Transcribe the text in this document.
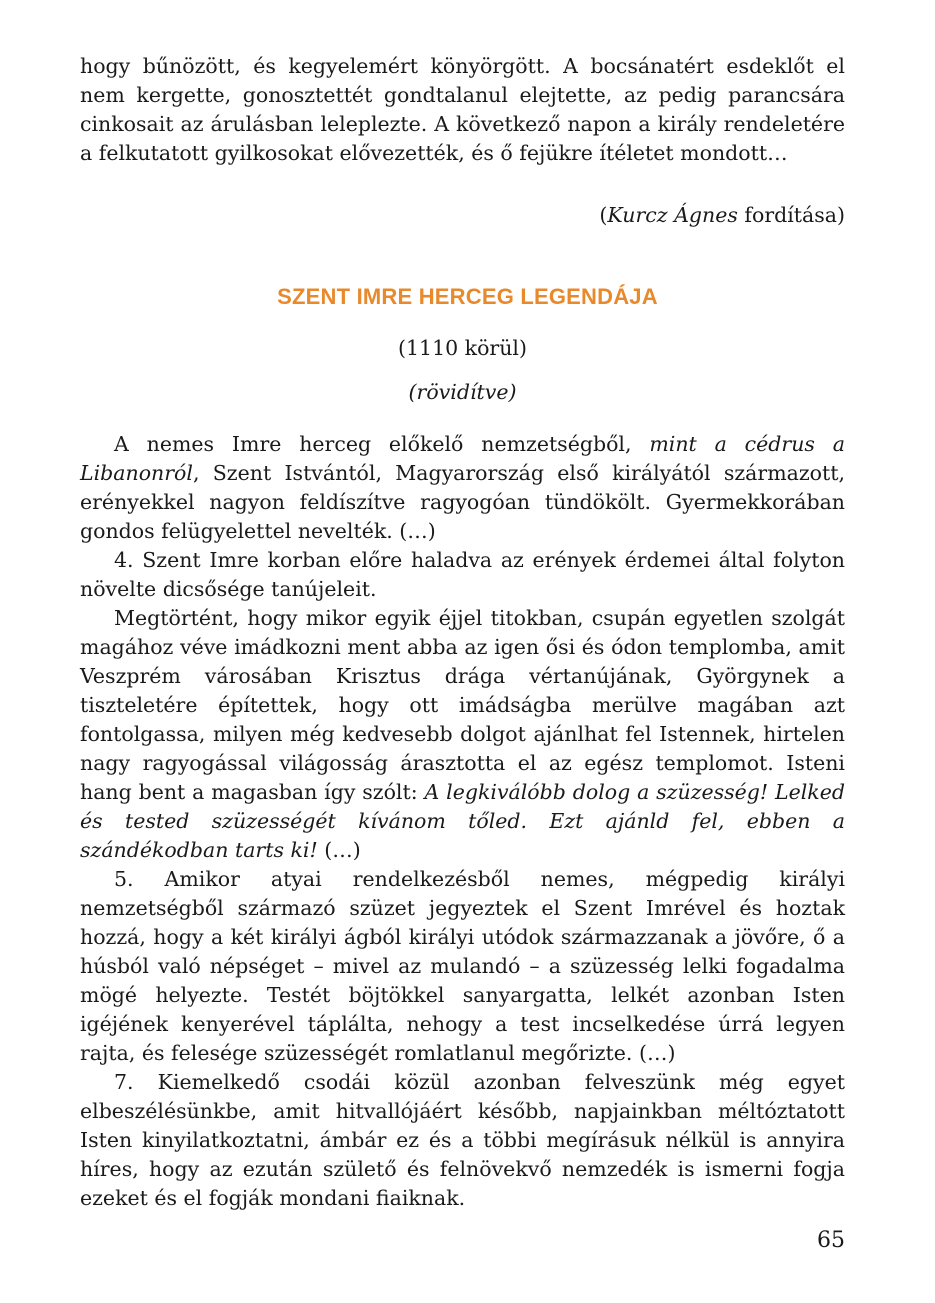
hogy bűnözött, és kegyelemért könyörgött. A bocsánatért esdeklőt el nem kergette, gonosztettét gondtalanul elejtette, az pedig parancsára cinkosait az árulásban leleplezte. A következő napon a király rendeletére a felkutatott gyilkosokat elővezették, és ő fejükre ítéletet mondott…

(Kurcz Ágnes fordítása)
SZENT IMRE HERCEG LEGENDÁJA
(1110 körül)
(rövidítve)

A nemes Imre herceg előkelő nemzetségből, mint a cédrus a Libanonról, Szent Istvántól, Magyarország első királyától származott, erényekkel nagyon feldíszítve ragyogóan tündökölt. Gyermekkorában gondos felügyelettel nevelték. (…)

4. Szent Imre korban előre haladva az erények érdemei által folyton növelte dicsősége tanújeleit.

Megtörtént, hogy mikor egyik éjjel titokban, csupán egyetlen szolgát magához véve imádkozni ment abba az igen ősi és ódon templomba, amit Veszprém városában Krisztus drága vértanújának, Györgynek a tiszteletére építettek, hogy ott imádságba merülve magában azt fontolgassa, milyen még kedvesebb dolgot ajánlhat fel Istennek, hirtelen nagy ragyogással világosság árasztotta el az egész templomot. Isteni hang bent a magasban így szólt: A legkiválóbb dolog a szüzesség! Lelked és tested szüzességét kívánom tőled. Ezt ajánld fel, ebben a szándékodban tarts ki! (…)

5. Amikor atyai rendelkezésből nemes, mégpedig királyi nemzetségből származó szüzet jegyeztek el Szent Imrével és hoztak hozzá, hogy a két királyi ágból királyi utódok származzanak a jövőre, ő a húsból való népséget – mivel az mulandó – a szüzesség lelki fogadalma mögé helyezte. Testét böjtökkel sanyargatta, lelkét azonban Isten igéjének kenyerével táplálta, nehogy a test incselkedése úrrá legyen rajta, és felesége szüzességét romlatlanul megőrizte. (…)

7. Kiemelkedő csodái közül azonban felveszünk még egyet elbeszélésünkbe, amit hitvallójáért később, napjainkban méltóztatott Isten kinyilatkoztatni, ámbár ez és a többi megírásuk nélkül is annyira híres, hogy az ezután születő és felnövekvő nemzedék is ismerni fogja ezeket és el fogják mondani fiaiknak.

65
